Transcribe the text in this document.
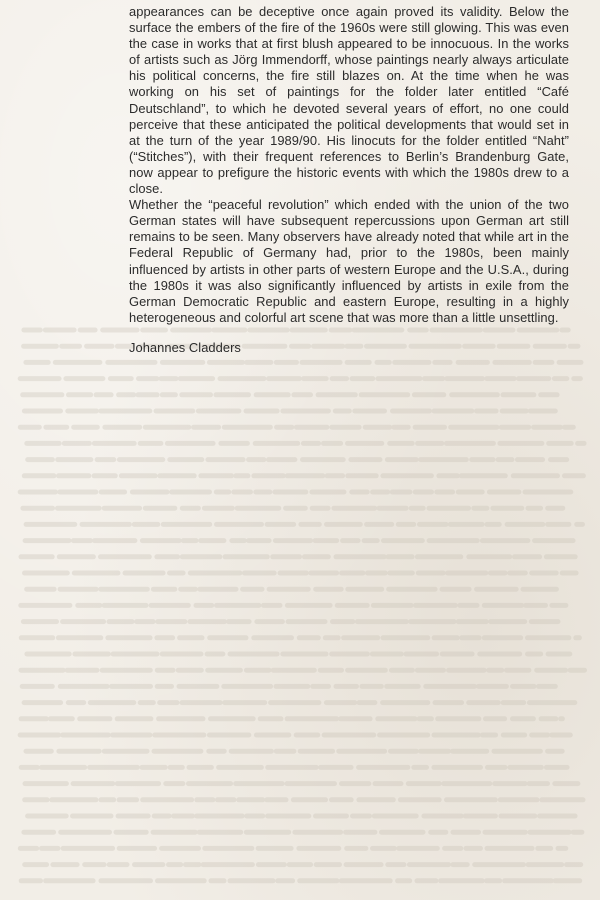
appearances can be deceptive once again proved its validity. Below the surface the embers of the fire of the 1960s were still glowing. This was even the case in works that at first blush appeared to be innocuous. In the works of artists such as Jörg Immendorff, whose paintings nearly always articulate his political concerns, the fire still blazes on. At the time when he was working on his set of paintings for the folder later entitled “Café Deutschland”, to which he devoted several years of effort, no one could perceive that these anticipated the political developments that would set in at the turn of the year 1989/90. His linocuts for the folder entitled “Naht” (“Stitches”), with their frequent references to Berlin’s Brandenburg Gate, now appear to prefigure the historic events with which the 1980s drew to a close.

Whether the “peaceful revolution” which ended with the union of the two German states will have subsequent repercussions upon German art still remains to be seen. Many observers have already noted that while art in the Federal Republic of Germany had, prior to the 1980s, been mainly influenced by artists in other parts of western Europe and the U.S.A., during the 1980s it was also significantly influenced by artists in exile from the German Democratic Republic and eastern Europe, resulting in a highly heterogeneous and colorful art scene that was more than a little unsettling.

Johannes Cladders
